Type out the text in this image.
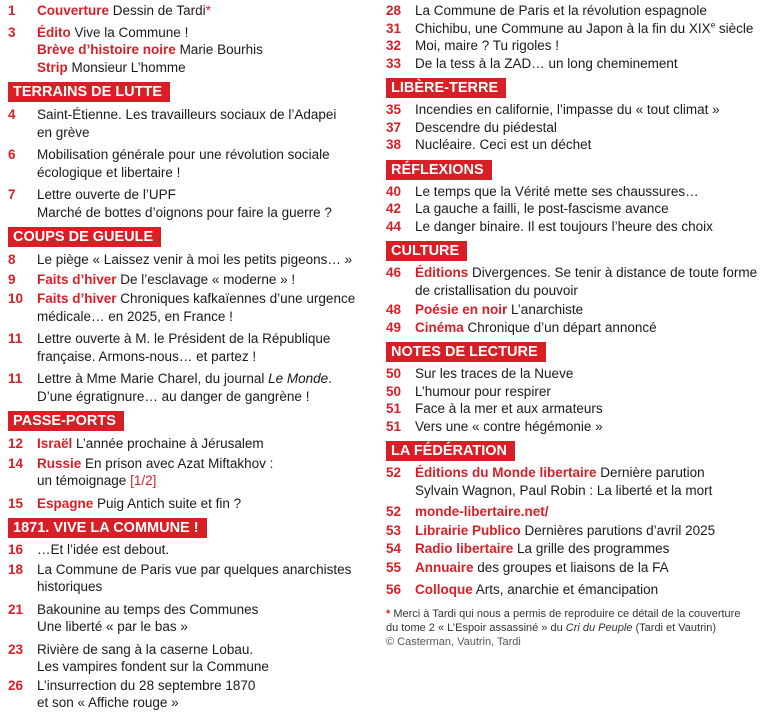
1	Couverture Dessin de Tardi*
3	Édito Vive la Commune !
Brève d’histoire noire Marie Bourhis
Strip Monsieur L’homme
TERRAINS DE LUTTE
4	Saint-Étienne. Les travailleurs sociaux de l’Adapei
en grève
6	Mobilisation générale pour une révolution sociale
écologique et libertaire !
7	Lettre ouverte de l’UPF
Marché de bottes d’oignons pour faire la guerre ?
COUPS DE GUEULE
8	Le piège « Laissez venir à moi les petits pigeons… »
9	Faits d’hiver De l’esclavage « moderne » !
10	Faits d’hiver Chroniques kafkaïennes d’une urgence
médicale… en 2025, en France !
11	Lettre ouverte à M. le Président de la République
française. Armons-nous… et partez !
11	Lettre à Mme Marie Charel, du journal Le Monde.
D’une égratignure… au danger de gangrène !
PASSE-PORTS
12	Israël L’année prochaine à Jérusalem
14	Russie En prison avec Azat Miftakhov :
un témoignage [1/2]
15	Espagne Puig Antich suite et fin ?
1871. VIVE LA COMMUNE !
16	…Et l’idée est debout.
18	La Commune de Paris vue par quelques anarchistes
historiques
21	Bakounine au temps des Communes
Une liberté « par le bas »
23	Rivière de sang à la caserne Lobau.
Les vampires fondent sur la Commune
26	L’insurrection du 28 septembre 1870
et son « Affiche rouge »
28	La Commune de Paris et la révolution espagnole
31	Chichibu, une Commune au Japon à la fin du XIXe siècle
32	Moi, maire ? Tu rigoles !
33	De la tess à la ZAD… un long cheminement
LIBÈRE-TERRE
35	Incendies en californie, l’impasse du « tout climat »
37	Descendre du piédestal
38	Nucléaire. Ceci est un déchet
RÉFLEXIONS
40	Le temps que la Vérité mette ses chaussures…
42	La gauche a failli, le post-fascisme avance
44	Le danger binaire. Il est toujours l’heure des choix
CULTURE
46	Éditions Divergences. Se tenir à distance de toute forme
de cristallisation du pouvoir
48	Poésie en noir L’anarchiste
49	Cinéma Chronique d’un départ annoncé
NOTES DE LECTURE
50	Sur les traces de la Nueve
50	L’humour pour respirer
51	Face à la mer et aux armateurs
51	Vers une « contre hégémonie »
LA FÉDÉRATION
52	Éditions du Monde libertaire Dernière parution
Sylvain Wagnon, Paul Robin : La liberté et la mort
52	monde-libertaire.net/
53	Librairie Publico Dernières parutions d’avril 2025
54	Radio libertaire La grille des programmes
55	Annuaire des groupes et liaisons de la FA
56	Colloque Arts, anarchie et émancipation
* Merci à Tardi qui nous a permis de reproduire ce détail de la couverture
du tome 2 « L’Espoir assassiné » du Cri du Peuple (Tardi et Vautrin)
© Casterman, Vautrin, Tardi
